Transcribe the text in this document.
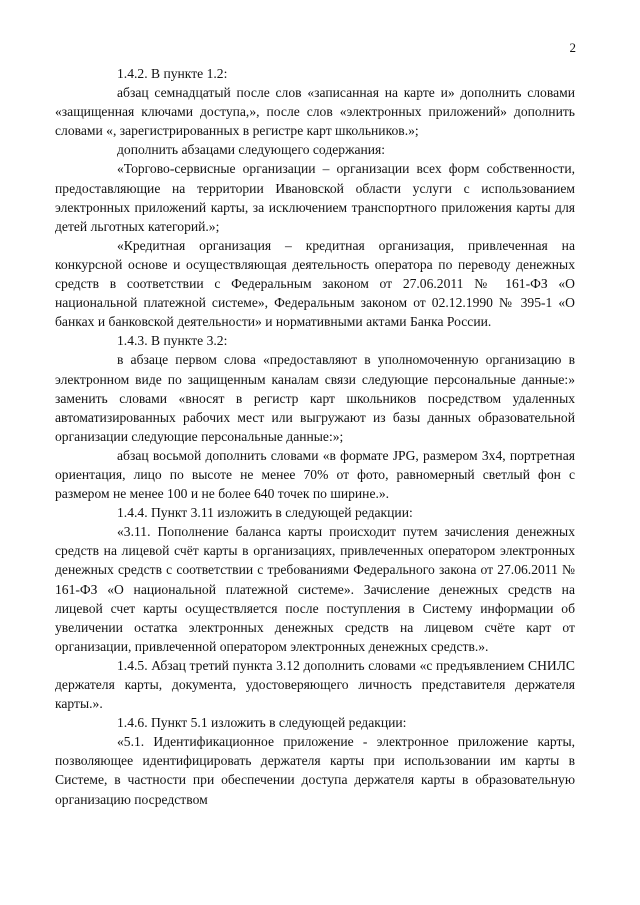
2

1.4.2. В пункте 1.2:

абзац семнадцатый после слов «записанная на карте и» дополнить словами «защищенная ключами доступа,», после слов «электронных приложений» дополнить словами «, зарегистрированных в регистре карт школьников.»;

дополнить абзацами следующего содержания:

«Торгово-сервисные организации – организации всех форм собственности, предоставляющие на территории Ивановской области услуги с использованием электронных приложений карты, за исключением транспортного приложения карты для детей льготных категорий.»;

«Кредитная организация – кредитная организация, привлеченная на конкурсной основе и осуществляющая деятельность оператора по переводу денежных средств в соответствии с Федеральным законом от 27.06.2011 № 161-ФЗ «О национальной платежной системе», Федеральным законом от 02.12.1990 № 395-1 «О банках и банковской деятельности» и нормативными актами Банка России.

1.4.3. В пункте 3.2:

в абзаце первом слова «предоставляют в уполномоченную организацию в электронном виде по защищенным каналам связи следующие персональные данные:» заменить словами «вносят в регистр карт школьников посредством удаленных автоматизированных рабочих мест или выгружают из базы данных образовательной организации следующие персональные данные:»;

абзац восьмой дополнить словами «в формате JPG, размером 3х4, портретная ориентация, лицо по высоте не менее 70% от фото, равномерный светлый фон с размером не менее 100 и не более 640 точек по ширине.».

1.4.4. Пункт 3.11 изложить в следующей редакции:

«3.11. Пополнение баланса карты происходит путем зачисления денежных средств на лицевой счёт карты в организациях, привлеченных оператором электронных денежных средств с соответствии с требованиями Федерального закона от 27.06.2011 № 161-ФЗ «О национальной платежной системе». Зачисление денежных средств на лицевой счет карты осуществляется после поступления в Систему информации об увеличении остатка электронных денежных средств на лицевом счёте карт от организации, привлеченной оператором электронных денежных средств.».

1.4.5. Абзац третий пункта 3.12 дополнить словами «с предъявлением СНИЛС держателя карты, документа, удостоверяющего личность представителя держателя карты.».

1.4.6. Пункт 5.1 изложить в следующей редакции:

«5.1. Идентификационное приложение - электронное приложение карты, позволяющее идентифицировать держателя карты при использовании им карты в Системе, в частности при обеспечении доступа держателя карты в образовательную организацию посредством
